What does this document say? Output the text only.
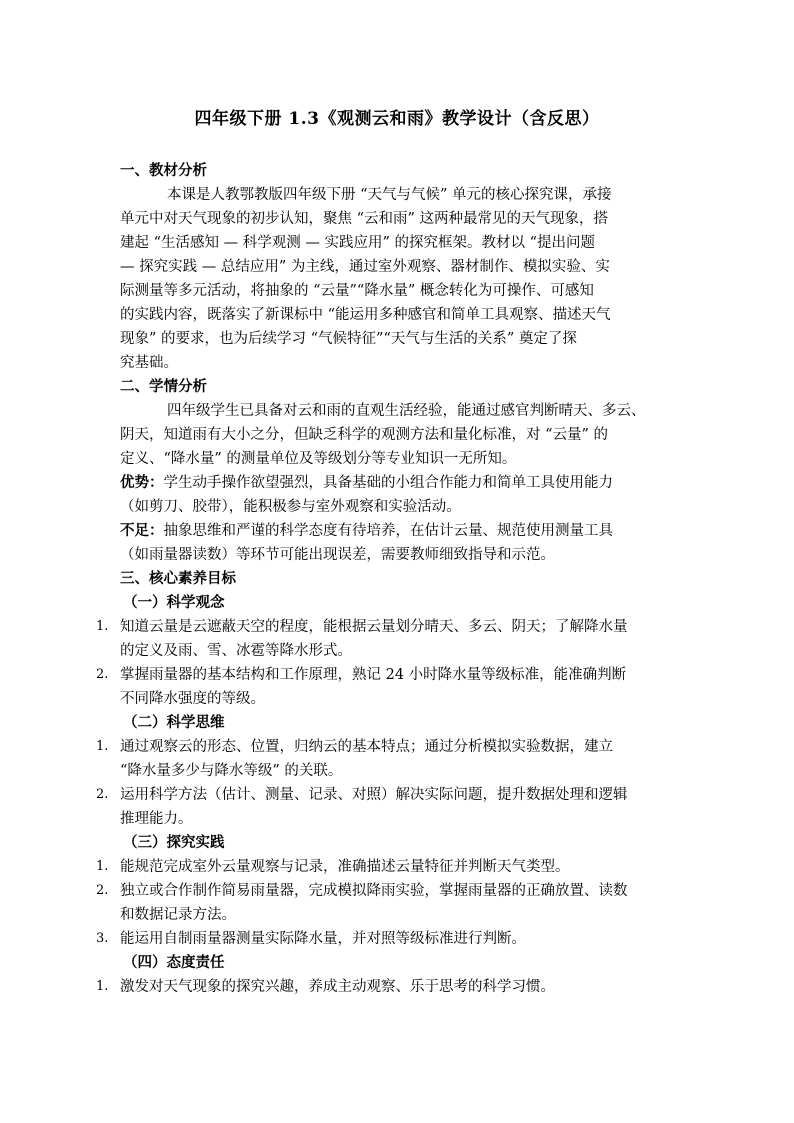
四年级下册 1.3《观测云和雨》教学设计（含反思）
一、教材分析
本课是人教鄂教版四年级下册 “天气与气候” 单元的核心探究课，承接
单元中对天气现象的初步认知，聚焦 “云和雨” 这两种最常见的天气现象，搭
建起 “生活感知 — 科学观测 — 实践应用” 的探究框架。教材以 “提出问题
— 探究实践 — 总结应用” 为主线，通过室外观察、器材制作、模拟实验、实
际测量等多元活动，将抽象的 “云量”“降水量” 概念转化为可操作、可感知
的实践内容，既落实了新课标中 “能运用多种感官和简单工具观察、描述天气
现象” 的要求，也为后续学习 “气候特征”“天气与生活的关系” 奠定了探
究基础。
二、学情分析
四年级学生已具备对云和雨的直观生活经验，能通过感官判断晴天、多云、
阴天，知道雨有大小之分，但缺乏科学的观测方法和量化标准，对 “云量” 的
定义、“降水量” 的测量单位及等级划分等专业知识一无所知。
优势：学生动手操作欲望强烈，具备基础的小组合作能力和简单工具使用能力
（如剪刀、胶带），能积极参与室外观察和实验活动。
不足：抽象思维和严谨的科学态度有待培养，在估计云量、规范使用测量工具
（如雨量器读数）等环节可能出现误差，需要教师细致指导和示范。
三、核心素养目标
（一）科学观念
1. 知道云量是云遮蔽天空的程度，能根据云量划分晴天、多云、阴天；了解降水量
的定义及雨、雪、冰雹等降水形式。
2. 掌握雨量器的基本结构和工作原理，熟记 24 小时降水量等级标准，能准确判断
不同降水强度的等级。
（二）科学思维
1. 通过观察云的形态、位置，归纳云的基本特点；通过分析模拟实验数据，建立
“降水量多少与降水等级” 的关联。
2. 运用科学方法（估计、测量、记录、对照）解决实际问题，提升数据处理和逻辑
推理能力。
（三）探究实践
1. 能规范完成室外云量观察与记录，准确描述云量特征并判断天气类型。
2. 独立或合作制作简易雨量器，完成模拟降雨实验，掌握雨量器的正确放置、读数
和数据记录方法。
3. 能运用自制雨量器测量实际降水量，并对照等级标准进行判断。
（四）态度责任
1. 激发对天气现象的探究兴趣，养成主动观察、乐于思考的科学习惯。
